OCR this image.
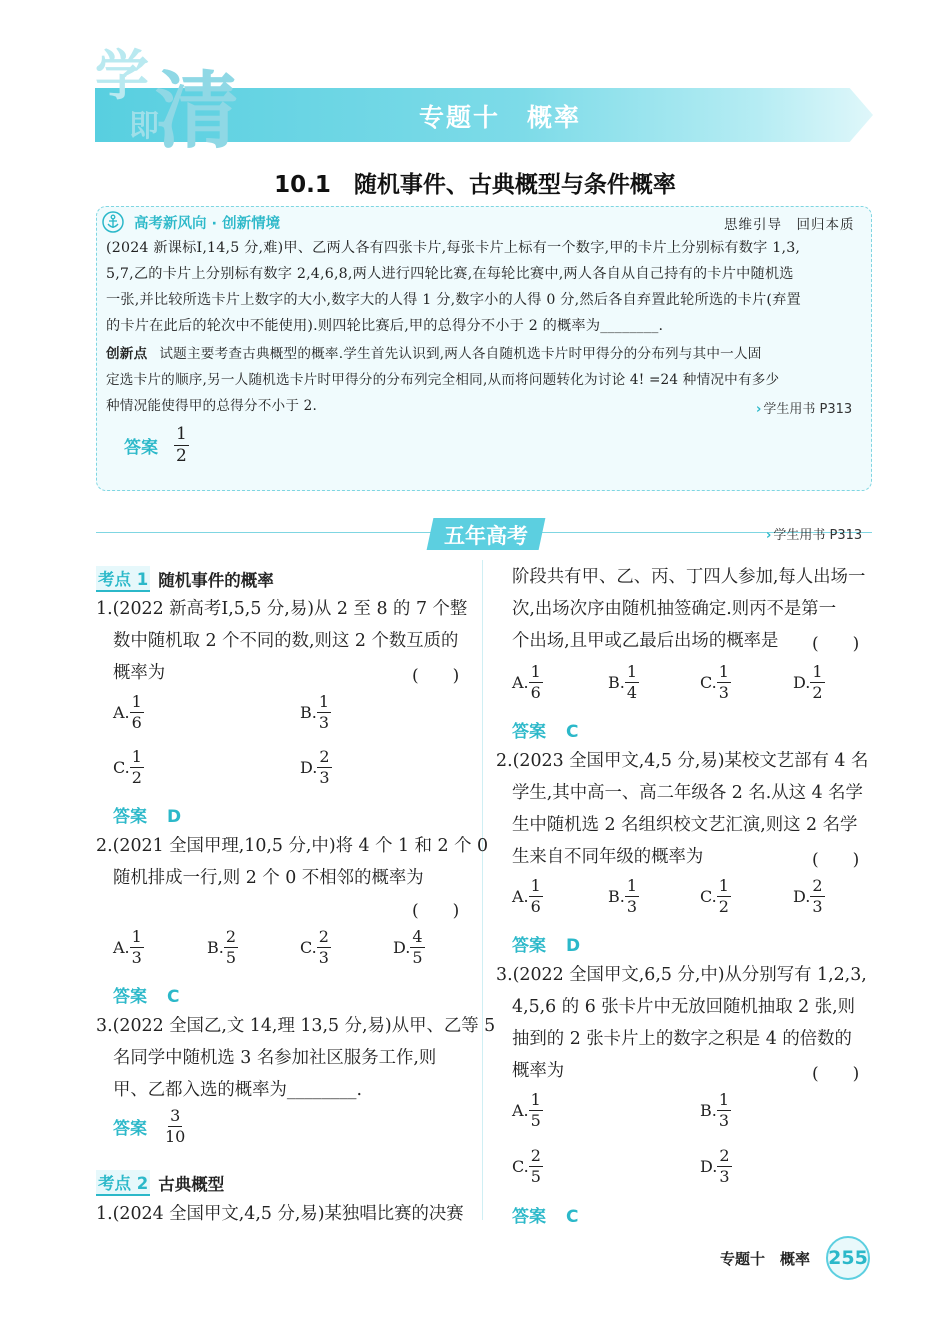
学
即
清	专题十　概率
10.1　随机事件、古典概型与条件概率
高考新风向 · 创新情境	思维引导　回归本质
(2024 新课标Ⅰ,14,5 分,难)甲、乙两人各有四张卡片,每张卡片上标有一个数字,甲的卡片上分别标有数字 1,3,
5,7,乙的卡片上分别标有数字 2,4,6,8,两人进行四轮比赛,在每轮比赛中,两人各自从自己持有的卡片中随机选
一张,并比较所选卡片上数字的大小,数字大的人得 1 分,数字小的人得 0 分,然后各自弃置此轮所选的卡片(弃置
的卡片在此后的轮次中不能使用).则四轮比赛后,甲的总得分不小于 2 的概率为________.
创新点 试题主要考查古典概型的概率.学生首先认识到,两人各自随机选卡片时甲得分的分布列与其中一人固
定选卡片的顺序,另一人随机选卡片时甲得分的分布列完全相同,从而将问题转化为讨论 4! =24 种情况中有多少
种情况能使得甲的总得分不小于 2.	› 学生用书 P313
答案 $\frac{1}{2}$
五年高考	› 学生用书 P313
考点 1 随机事件的概率
1.(2022 新高考Ⅰ,5,5 分,易)从 2 至 8 的 7 个整
数中随机取 2 个不同的数,则这 2 个数互质的
概率为	(　　)
A. $\frac{1}{6}$	B. $\frac{1}{3}$
C. $\frac{1}{2}$	D. $\frac{2}{3}$
答案 D
2.(2021 全国甲理,10,5 分,中)将 4 个 1 和 2 个 0
随机排成一行,则 2 个 0 不相邻的概率为
(　　)
A. $\frac{1}{3}$	B. $\frac{2}{5}$	C. $\frac{2}{3}$	D. $\frac{4}{5}$
答案 C
3.(2022 全国乙,文 14,理 13,5 分,易)从甲、乙等 5
名同学中随机选 3 名参加社区服务工作,则
甲、乙都入选的概率为________.
答案 $\frac{3}{10}$
考点 2 古典概型
1.(2024 全国甲文,4,5 分,易)某独唱比赛的决赛
阶段共有甲、乙、丙、丁四人参加,每人出场一
次,出场次序由随机抽签确定.则丙不是第一
个出场,且甲或乙最后出场的概率是 (　　)
A. $\frac{1}{6}$	B. $\frac{1}{4}$	C. $\frac{1}{3}$	D. $\frac{1}{2}$
答案 C
2.(2023 全国甲文,4,5 分,易)某校文艺部有 4 名
学生,其中高一、高二年级各 2 名.从这 4 名学
生中随机选 2 名组织校文艺汇演,则这 2 名学
生来自不同年级的概率为	(　　)
A. $\frac{1}{6}$	B. $\frac{1}{3}$	C. $\frac{1}{2}$	D. $\frac{2}{3}$
答案 D
3.(2022 全国甲文,6,5 分,中)从分别写有 1,2,3,
4,5,6 的 6 张卡片中无放回随机抽取 2 张,则
抽到的 2 张卡片上的数字之积是 4 的倍数的
概率为	(　　)
A. $\frac{1}{5}$	B. $\frac{1}{3}$
C. $\frac{2}{5}$	D. $\frac{2}{3}$
答案 C
专题十　概率 255
